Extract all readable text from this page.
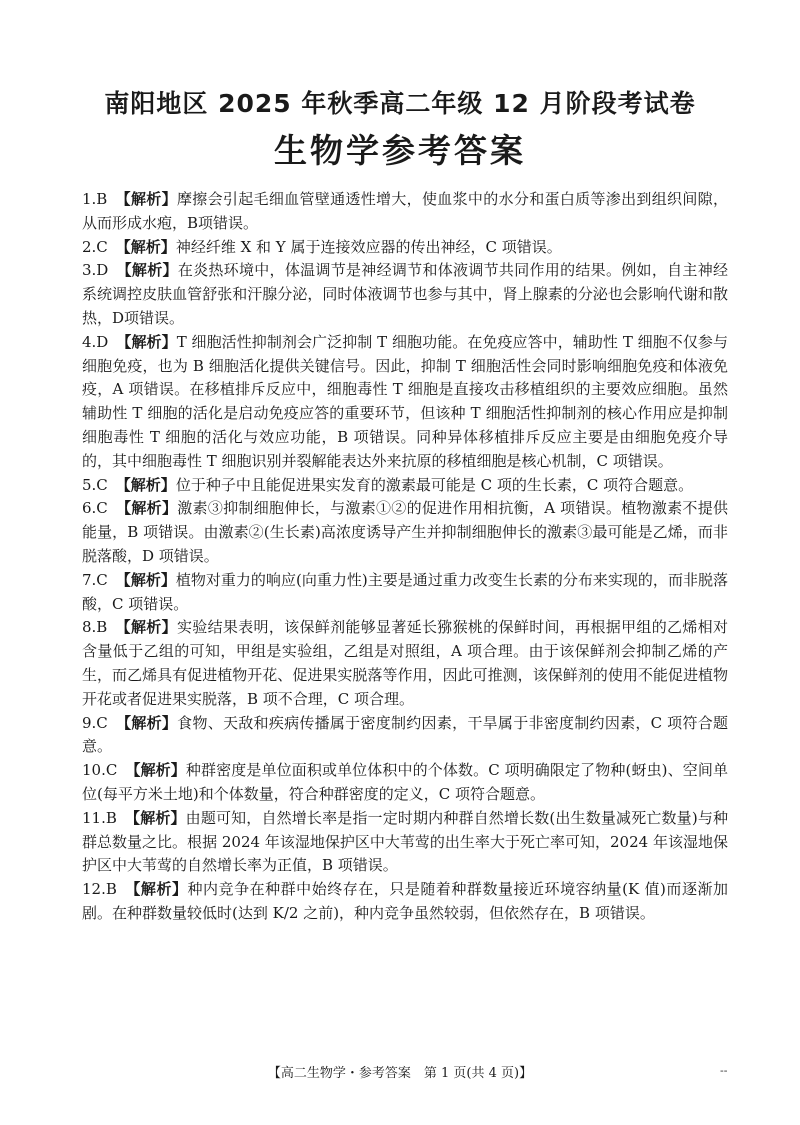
南阳地区 2025 年秋季高二年级 12 月阶段考试卷
生物学参考答案

1.B 【解析】摩擦会引起毛细血管壁通透性增大，使血浆中的水分和蛋白质等渗出到组织间隙，从而形成水疱，B项错误。

2.C 【解析】神经纤维 X 和 Y 属于连接效应器的传出神经，C 项错误。

3.D 【解析】在炎热环境中，体温调节是神经调节和体液调节共同作用的结果。例如，自主神经系统调控皮肤血管舒张和汗腺分泌，同时体液调节也参与其中，肾上腺素的分泌也会影响代谢和散热，D项错误。

4.D 【解析】T 细胞活性抑制剂会广泛抑制 T 细胞功能。在免疫应答中，辅助性 T 细胞不仅参与细胞免疫，也为 B 细胞活化提供关键信号。因此，抑制 T 细胞活性会同时影响细胞免疫和体液免疫，A 项错误。在移植排斥反应中，细胞毒性 T 细胞是直接攻击移植组织的主要效应细胞。虽然辅助性 T 细胞的活化是启动免疫应答的重要环节，但该种 T 细胞活性抑制剂的核心作用应是抑制细胞毒性 T 细胞的活化与效应功能，B 项错误。同种异体移植排斥反应主要是由细胞免疫介导的，其中细胞毒性 T 细胞识别并裂解能表达外来抗原的移植细胞是核心机制，C 项错误。

5.C 【解析】位于种子中且能促进果实发育的激素最可能是 C 项的生长素，C 项符合题意。

6.C 【解析】激素③抑制细胞伸长，与激素①②的促进作用相抗衡，A 项错误。植物激素不提供能量，B 项错误。由激素②(生长素)高浓度诱导产生并抑制细胞伸长的激素③最可能是乙烯，而非脱落酸，D 项错误。

7.C 【解析】植物对重力的响应(向重力性)主要是通过重力改变生长素的分布来实现的，而非脱落酸，C 项错误。

8.B 【解析】实验结果表明，该保鲜剂能够显著延长猕猴桃的保鲜时间，再根据甲组的乙烯相对含量低于乙组的可知，甲组是实验组，乙组是对照组，A 项合理。由于该保鲜剂会抑制乙烯的产生，而乙烯具有促进植物开花、促进果实脱落等作用，因此可推测，该保鲜剂的使用不能促进植物开花或者促进果实脱落，B 项不合理，C 项合理。

9.C 【解析】食物、天敌和疾病传播属于密度制约因素，干旱属于非密度制约因素，C 项符合题意。

10.C 【解析】种群密度是单位面积或单位体积中的个体数。C 项明确限定了物种(蚜虫)、空间单位(每平方米土地)和个体数量，符合种群密度的定义，C 项符合题意。

11.B 【解析】由题可知，自然增长率是指一定时期内种群自然增长数(出生数量减死亡数量)与种群总数量之比。根据 2024 年该湿地保护区中大苇莺的出生率大于死亡率可知，2024 年该湿地保护区中大苇莺的自然增长率为正值，B 项错误。

12.B 【解析】种内竞争在种群中始终存在，只是随着种群数量接近环境容纳量(K 值)而逐渐加剧。在种群数量较低时(达到 K/2 之前)，种内竞争虽然较弱，但依然存在，B 项错误。

【高二生物学・参考答案　第 1 页(共 4 页)】	--
